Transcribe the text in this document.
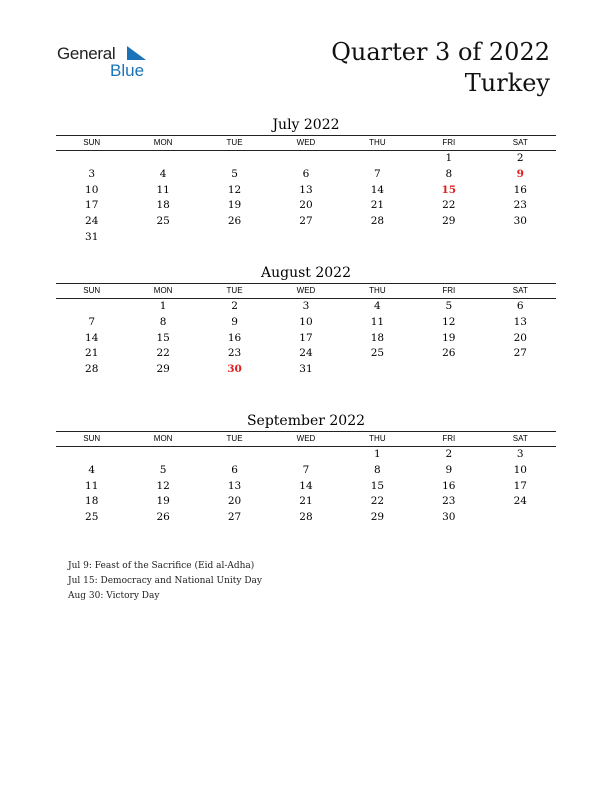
General
Blue
Quarter 3 of 2022
Turkey
July 2022
SUN	MON	TUE	WED	THU	FRI	SAT
					1	2
3	4	5	6	7	8	9
10	11	12	13	14	15	16
17	18	19	20	21	22	23
24	25	26	27	28	29	30
31						
August 2022
SUN	MON	TUE	WED	THU	FRI	SAT
	1	2	3	4	5	6
7	8	9	10	11	12	13
14	15	16	17	18	19	20
21	22	23	24	25	26	27
28	29	30	31			
September 2022
SUN	MON	TUE	WED	THU	FRI	SAT
				1	2	3
4	5	6	7	8	9	10
11	12	13	14	15	16	17
18	19	20	21	22	23	24
25	26	27	28	29	30	
Jul 9: Feast of the Sacrifice (Eid al-Adha)
Jul 15: Democracy and National Unity Day
Aug 30: Victory Day
